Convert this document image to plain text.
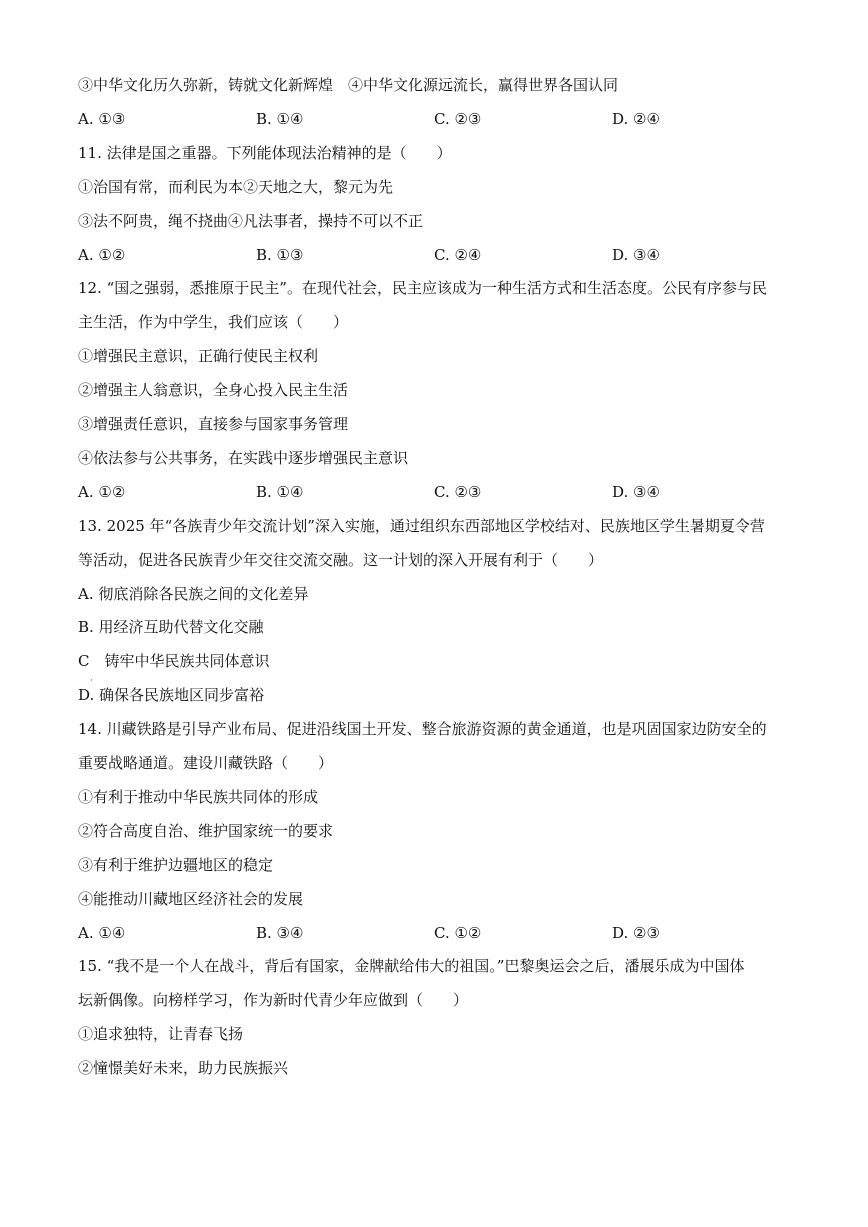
③中华文化历久弥新，铸就文化新辉煌　④中华文化源远流长，赢得世界各国认同
A. ①③	B. ①④	C. ②③	D. ②④
11. 法律是国之重器。下列能体现法治精神的是（　　）
①治国有常，而利民为本②天地之大，黎元为先
③法不阿贵，绳不挠曲④凡法事者，操持不可以不正
A. ①②	B. ①③	C. ②④	D. ③④
12. “国之强弱，悉推原于民主”。在现代社会，民主应该成为一种生活方式和生活态度。公民有序参与民
主生活，作为中学生，我们应该（　　）
①增强民主意识，正确行使民主权利
②增强主人翁意识，全身心投入民主生活
③增强责任意识，直接参与国家事务管理
④依法参与公共事务，在实践中逐步增强民主意识
A. ①②	B. ①④	C. ②③	D. ③④
13. 2025 年“各族青少年交流计划”深入实施，通过组织东西部地区学校结对、民族地区学生暑期夏令营
等活动，促进各民族青少年交往交流交融。这一计划的深入开展有利于（　　）
A. 彻底消除各民族之间的文化差异
B. 用经济互助代替文化交融
C　铸牢中华民族共同体意识
D. 确保各民族地区同步富裕
14. 川藏铁路是引导产业布局、促进沿线国土开发、整合旅游资源的黄金通道，也是巩固国家边防安全的
重要战略通道。建设川藏铁路（　　）
①有利于推动中华民族共同体的形成
②符合高度自治、维护国家统一的要求
③有利于维护边疆地区的稳定
④能推动川藏地区经济社会的发展
A. ①④	B. ③④	C. ①②	D. ②③
15. “我不是一个人在战斗，背后有国家，金牌献给伟大的祖国。”巴黎奥运会之后，潘展乐成为中国体
坛新偶像。向榜样学习，作为新时代青少年应做到（　　）
①追求独特，让青春飞扬
②憧憬美好未来，助力民族振兴
·
